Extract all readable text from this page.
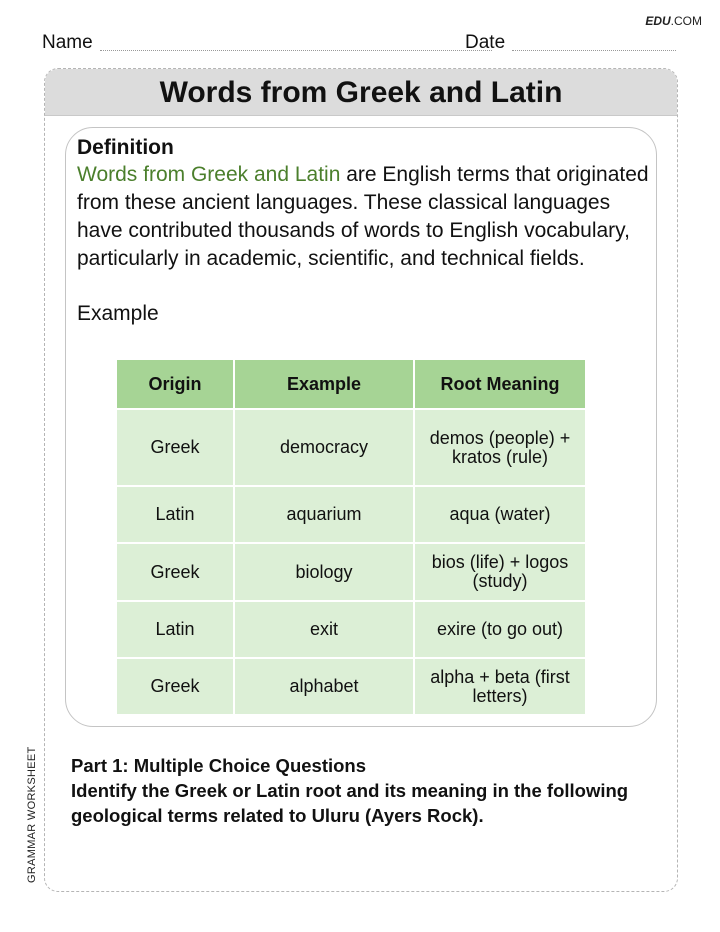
EDU.COM
Name	Date
Words from Greek and Latin
Definition
Words from Greek and Latin are English terms that originated from these ancient languages. These classical languages have contributed thousands of words to English vocabulary, particularly in academic, scientific, and technical fields.
Example
Origin	Example	Root Meaning
Greek	democracy	demos (people) + kratos (rule)
Latin	aquarium	aqua (water)
Greek	biology	bios (life) + logos (study)
Latin	exit	exire (to go out)
Greek	alphabet	alpha + beta (first letters)
Part 1: Multiple Choice Questions
Identify the Greek or Latin root and its meaning in the following geological terms related to Uluru (Ayers Rock).
GRAMMAR WORKSHEET
